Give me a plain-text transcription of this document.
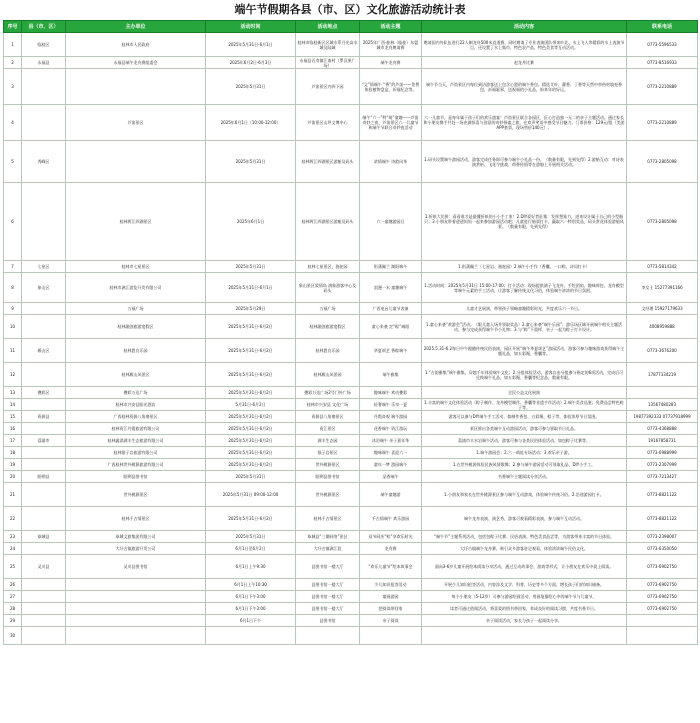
端午节假期各县（市、区）文化旅游活动统计表
序号	县（市、区）	主办单位	活动时间	活动地点	活动主题	活动内容	联系电话
1	临桂区	桂林市人民政府	2025年5月31日-6月1日	桂林市临桂新区区域水系月光岛水域及陆域	2025年广西·桂林（临桂）东盟城市龙舟邀请赛	邀请国内外队伍进行22人制龙舟500米直道赛，同时邀请了专业表演团队带来叶北、水上飞人等精彩的水上表演节目，还设置了水上集市、特色农产品、特色美食等互动活动。	0773-5596533
2	永福县	永福县端午龙舟赛组委会	2025年6月2日-6月3日	永福县百寿镇江南村（罗汉果广场）	端午龙舟赛	赵龙舟比赛	0773-8516933
3			2025年5月31日	芦笛景区内四下园	“文”情端午 “香”约芦笛——免费体验植物盘盒、祈福纪念等。	端午节当天，芦笛景区内每位到访游客送上包含心愿的端午香包。精选艾叶、藿香、丁香等天然中草药材填充香包，祈福驱邪，送祝福的小礼品，盼来年的好运。	0773-2210889
4		芦笛景区	2025年6月1日（10:00-12:00）	芦笛景区山坪文博中心	端午“六一”特“萌”童趣——芦笛奇妙之夜，芦笛景区六一儿童节和端午节联合奇妙夜活动	六一儿童节，是每年属于孩子们的欢乐盛宴！芦笛景区联合各园区，匠心打造独一无二的亲子主题活动。通过家长和小朋友携手共赴一场充满惊喜与创意的奇妙探索之旅，在欢声笑语中感受节日魅力。门票价格：129元/组（美团APP套票，现场售价140元）。	0773-2210889
5	秀峰区		2025年5月31日	桂林两江四湖景区游船及码头	浓情端午 诗韵风华	1.码头设置端午游园活动，游客完成任务即可参与端午小礼品一份。（数量有限，先到先得）2.游船互动：对诗表演赏析、飞花令挑战、荷香传情等在游船上开展相关活动。	0773-2805098
6		桂林两江四湖景区	2025年6月1日	桂林两江四湖景区游船及码头	六一童趣游园日	1.折纸大比拼：看看谁才是最懂折纸的小小手工家！2.DIY爱好者征集：发挥想象力，进来设计属于自己的小型船只；3.小朋友带着爸爸妈妈一起来参加游园活动吧；儿童进行船票打卡，赢取六一特别奖品，码头赏花体验游船风景。（数量有限，先到先得）	0773-2805098
7	七星区	桂林市七星景区	2025年5月31日	桂林七星景区，骆驼园	衔蒲佩兰 湖阳端午	1.衔蒲佩兰（七星岩、骆驼园）2.端午小手作（香囊、一口粽、诗词打卡）	0773-5814342
8	象山区	桂林市漓江游览开发有限公司	2025年5月31日-6月1日	象山景区爱情岛 漓象游客中心及码头	浪漫一水 童趣端午	1.活动时间：2025年5月31日 15:00-17:00；打卡活动：现场提供漓子飞龙舟、手绘团扇、趣味荷包、龙舟模型等端午元素的手工活动，让游客了解传统文化习俗，体验端午浓浓的节日氛围。	李女士 15277391166
9		万福广场	2025年5月29日	万福广场	广西电台儿童节表演	儿童才艺展演，带领孩子领略童趣精彩时光，共度欢乐六一节日。	文经理 15927179633
10		桂林融创旅游度假区	2025年5月31日-6月2日	桂林融创旅游度假区	童心来袭 定“粽”端阳	1.童心来袭“欢游会”活动。（限儿童入场并领取奖品）2.童心来袭“端午乐园”；游乐场区域开展端午相关主题活动，参与完成获得端午节小礼物；3.与“粽”不重样，亲子一起为粽子打卡设计。	4008959888
11	雁山区	桂林愚自乐园	2025年5月31日-6月2日	桂林愚自乐园	华夏颂艺 香粽端午	2025.5.31-6.2每日中午跟随传统民俗表演，园区开展“端午华夏颂艺”游园活动，游客可参与趣味游戏获得端午主题礼品，如五彩绳、香囊等。	0773-3676200
12		桂林雁山风景区	2025年5月31日-6月2日	桂林雁山风景园	端午雅集	1.“古韵雅集”端午雅集，穿越千年体验端午文化；2.分组体验活动，游客自由分组参与指定的6项活动，完成后可兑换端午礼品，如五彩绳、香囊等纪念品，数量有限。	17877334219
13	叠彩区	叠彩万达广场	2025年5月31日-6月2日	叠彩万达广场2号门外广场	趣味端午 欢动叠彩	全民公益文化展演	
14		桂林市兴安县阳光酒店	5月31日-6月2日	桂林市兴安县 文化广场	轻奢端午 乐享一夏	1.丰富的端午文化体验活动（粽子制作、龙舟模型制作、香囊等非遗手作活动）2.端午美食品鉴；免费品尝特色粽子等。	13567480283
15	资源县	广西桂林资源八角寨景区	2025年5月31日-6月2日	资源县八角寨景区	丹霞奇观 端午游园	游客可以参与DIY端午手工活动，如制作香包、五彩绳、粽子等，体验浓厚节日氛围。	19877392333 07737918999
16		桂林资江丹霞旅游有限公司	2025年5月31日-6月2日	资江景区	花香端午 资江游玩	景区推出各类端午互动游园活动，游客可参与领取节日礼品。	0773-4368888
17	荔浦市	桂林鑫淇满丰生态旅游有限公司	2025年5月31日-6月2日	满丰生态园	沐浴端午 亲子嘉年华	荔浦市丰水岩端午活动，游客可参与各类民俗体验活动，如包粽子比赛等。	19167858731
18		桂林银子岩旅游有限公司	2025年5月31日-6月2日	银子岩景区	趣味端午 喜迎六一	1.端午游园会；2.六一萌娃专场活动；3.欢乐亲子游。	0773-6988999
19		广西桂林世外桃源旅游有限公司	2025年5月31日-6月2日	世外桃源景区	童年一梦 游园端午	1.在世外桃源体验民族风情歌舞；2.参与端午游园活动可领取礼品，DIY小手工。	0773-2307999
20	阳朔县	阳朔县图书馆	2025年5月31日	阳朔县图书馆	品香端午	书香端午主题阅读分享活动。	0773-7213427
21		世外桃源景区	2025年5月31日 09:00-12:00	世外桃源景区	端午童趣游	1.小朋友和家长在世外桃源景区参与端午互动游戏，体验端午传统习俗。2.沿途游园打卡。	0773-8821122
22		桂林千古情景区	2025年5月31日-6月2日	桂林千古情景区	千古情端午 欢乐游园	端午龙舟表演、演艺秀，游客可观看精彩表演，参与端午互动活动。	0773-8821122
23	恭城县	恭城文旅集团有限公司	2025年5月31日	恭城县“三潮同络”景区	双节同庆“粽”享欢乐时光	“端午节”主题系列活动，包括包粽子比赛、民俗表演、特色美食品尝等，为游客带来丰富的节日体验。	0773-2398007
24		大圩古镇旅游开发公司	6月1日至6月2日	大圩古镇漓江段	龙舟赛	大圩古镇端午龙舟赛，吸引众多游客驻足观看，体验浓浓端午民俗文化。	0773-6350050
25	灵川县	灵川县图书馆	6月1日上午9:30	县图书馆一楼大厅	“欢乐儿童节”绘本故事会	面向3-6岁儿童开展绘本阅读分享活动，通过互动故事会、游戏等形式，让小朋友在欢乐中爱上阅读。	0773-6902750
26			6月1日上午10:30	县图书馆一楼大厅	少儿知识抢答活动	开展少儿知识抢答活动，内容涉及文学、科普、历史等多个方面，增长孩子们的知识储备。	0773-6902750
27			6月1日下午3:00	县图书馆一楼大厅	童画游园	每个小朋友（5-12岁）可参与游园绘画活动，用画笔描绘心中的端午节与儿童节。	0773-6902750
28			6月1日下午3:00	县图书馆一楼大厅	把阅读带回家	读者可通过借阅活动，将喜爱的图书带回家，养成良好的阅读习惯，共度书香节日。	0773-6902750
29			6月1日下午	县图书馆	亲子阅读	亲子阅读活动，家长与孩子一起阅读分享。	
30							
